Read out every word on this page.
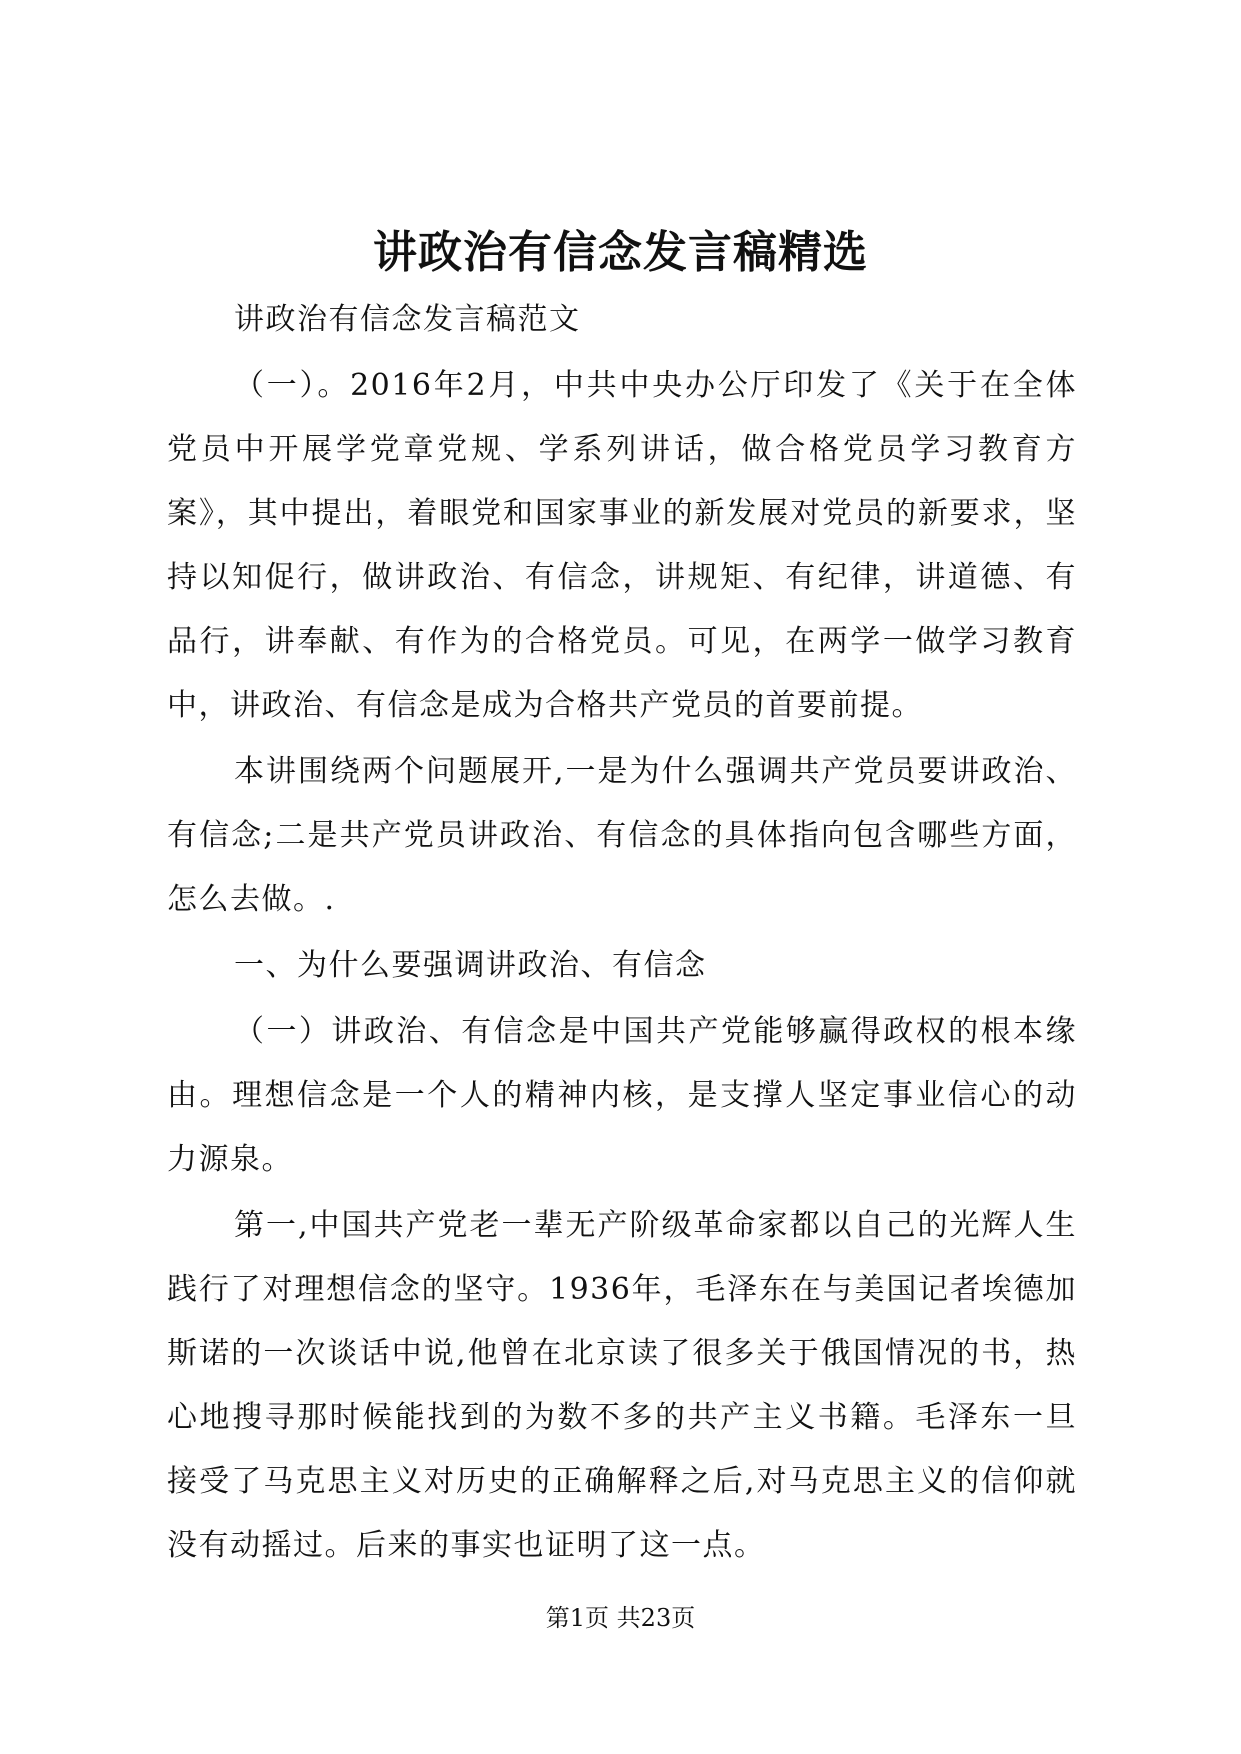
讲政治有信念发言稿精选

讲政治有信念发言稿范文

（一）。2016年2月，中共中央办公厅印发了《关于在全体党员中开展学党章党规、学系列讲话，做合格党员学习教育方案》，其中提出，着眼党和国家事业的新发展对党员的新要求，坚持以知促行，做讲政治、有信念，讲规矩、有纪律，讲道德、有品行，讲奉献、有作为的合格党员。可见，在两学一做学习教育中，讲政治、有信念是成为合格共产党员的首要前提。

本讲围绕两个问题展开,一是为什么强调共产党员要讲政治、有信念;二是共产党员讲政治、有信念的具体指向包含哪些方面，怎么去做。.

一、为什么要强调讲政治、有信念

（一）讲政治、有信念是中国共产党能够赢得政权的根本缘由。理想信念是一个人的精神内核，是支撑人坚定事业信心的动力源泉。

第一,中国共产党老一辈无产阶级革命家都以自己的光辉人生践行了对理想信念的坚守。1936年，毛泽东在与美国记者埃德加斯诺的一次谈话中说,他曾在北京读了很多关于俄国情况的书，热心地搜寻那时候能找到的为数不多的共产主义书籍。毛泽东一旦接受了马克思主义对历史的正确解释之后,对马克思主义的信仰就没有动摇过。后来的事实也证明了这一点。

第1页 共23页
